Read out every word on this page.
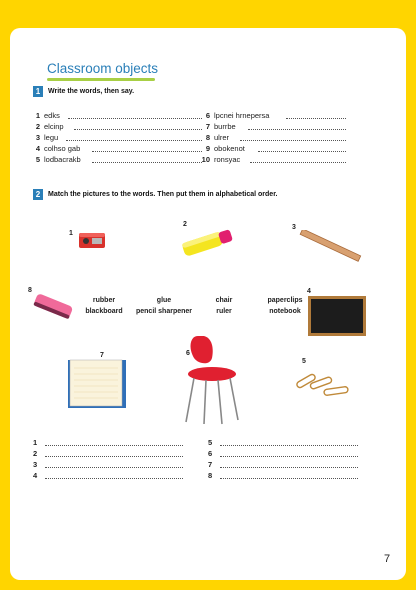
Classroom objects
1	Write the words, then say.
1 edks
2 elcinp
3 legu
4 colhso gab
5 lodbacrakb
6 lpcnei hrnepersa
7 burrbe
8 ulrer
9 obokenot
10 ronsyac
2	Match the pictures to the words. Then put them in alphabetical order.
1
2	3
4
5
6
7
8
rubber	glue	chair	paperclips
blackboard	pencil sharpener	ruler	notebook
1
2
3
4
5
6
7
8
7
